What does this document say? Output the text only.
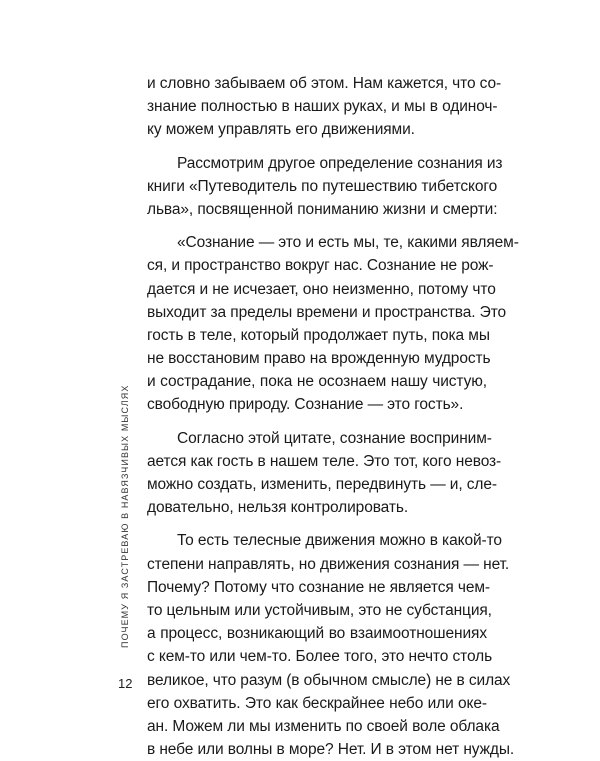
и словно забываем об этом. Нам кажется, что со-
знание полностью в наших руках, и мы в одиноч-
ку можем управлять его движениями.
Рассмотрим другое определение сознания из
книги «Путеводитель по путешествию тибетского
льва», посвященной пониманию жизни и смерти:
«Сознание — это и есть мы, те, какими являем-
ся, и пространство вокруг нас. Сознание не рож-
дается и не исчезает, оно неизменно, потому что
выходит за пределы времени и пространства. Это
гость в теле, который продолжает путь, пока мы
не восстановим право на врожденную мудрость
и сострадание, пока не осознаем нашу чистую,
свободную природу. Сознание — это гость».
Согласно этой цитате, сознание восприним-
ается как гость в нашем теле. Это тот, кого невоз-
можно создать, изменить, передвинуть — и, сле-
довательно, нельзя контролировать.
То есть телесные движения можно в какой-то
степени направлять, но движения сознания — нет.
Почему? Потому что сознание не является чем-
то цельным или устойчивым, это не субстанция,
а процесс, возникающий во взаимоотношениях
с кем-то или чем-то. Более того, это нечто столь
великое, что разум (в обычном смысле) не в силах
его охватить. Это как бескрайнее небо или оке-
ан. Можем ли мы изменить по своей воле облака
в небе или волны в море? Нет. И в этом нет нужды.
ПОЧЕМУ Я ЗАСТРЕВАЮ В НАВЯЗЧИВЫХ МЫСЛЯХ
12
